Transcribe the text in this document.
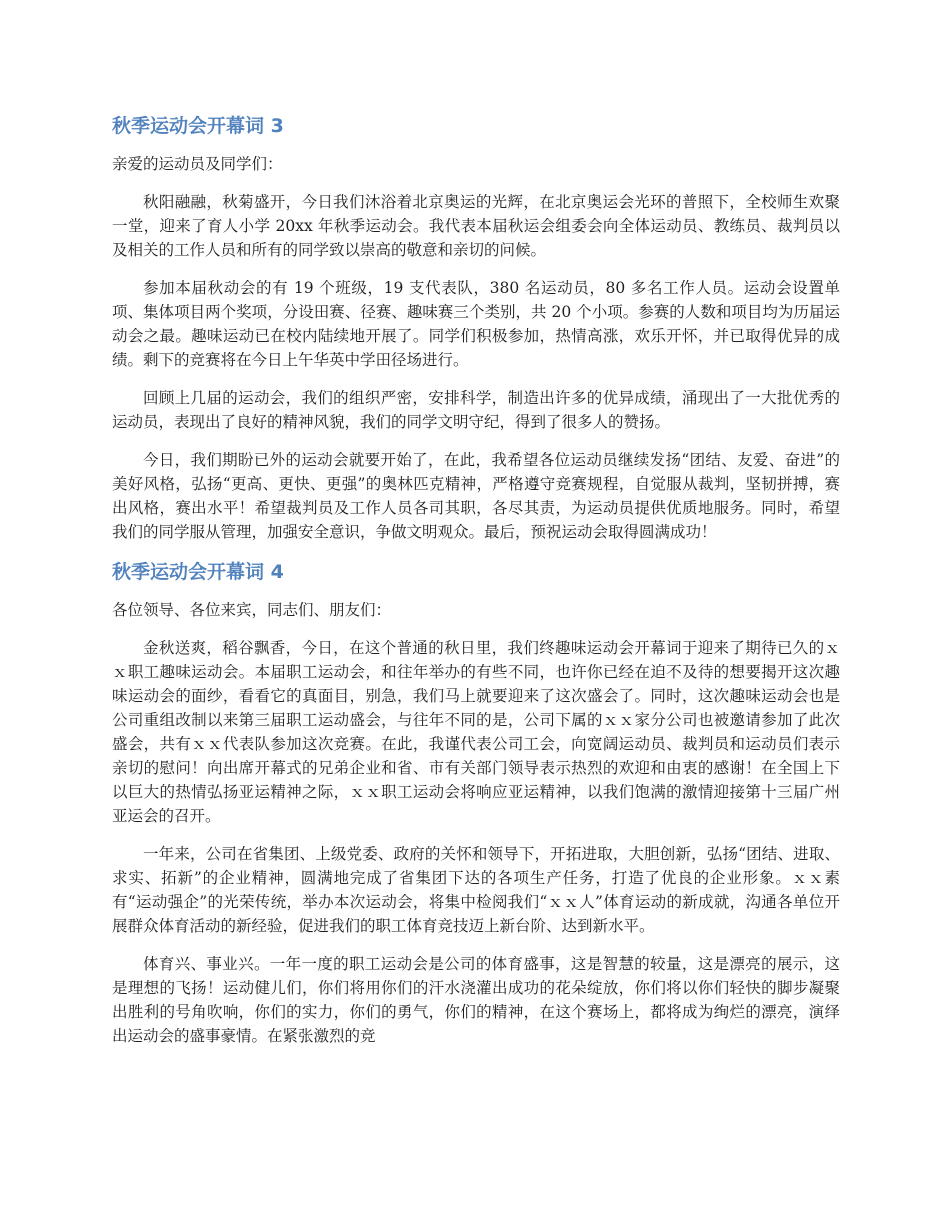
秋季运动会开幕词 3

亲爱的运动员及同学们：

秋阳融融，秋菊盛开，今日我们沐浴着北京奥运的光辉，在北京奥运会光环的普照下，全校师生欢聚一堂，迎来了育人小学 20xx 年秋季运动会。我代表本届秋运会组委会向全体运动员、教练员、裁判员以及相关的工作人员和所有的同学致以崇高的敬意和亲切的问候。

参加本届秋动会的有 19 个班级，19 支代表队，380 名运动员，80 多名工作人员。运动会设置单项、集体项目两个奖项，分设田赛、径赛、趣味赛三个类别，共 20 个小项。参赛的人数和项目均为历届运动会之最。趣味运动已在校内陆续地开展了。同学们积极参加，热情高涨，欢乐开怀，并已取得优异的成绩。剩下的竞赛将在今日上午华英中学田径场进行。

回顾上几届的运动会，我们的组织严密，安排科学，制造出许多的优异成绩，涌现出了一大批优秀的运动员，表现出了良好的精神风貌，我们的同学文明守纪，得到了很多人的赞扬。

今日，我们期盼已外的运动会就要开始了，在此，我希望各位运动员继续发扬“团结、友爱、奋进”的美好风格，弘扬“更高、更快、更强”的奥林匹克精神，严格遵守竞赛规程，自觉服从裁判，坚韧拼搏，赛出风格，赛出水平！希望裁判员及工作人员各司其职，各尽其责，为运动员提供优质地服务。同时，希望我们的同学服从管理，加强安全意识，争做文明观众。最后，预祝运动会取得圆满成功！

秋季运动会开幕词 4

各位领导、各位来宾，同志们、朋友们：

金秋送爽，稻谷飘香，今日，在这个普通的秋日里，我们终趣味运动会开幕词于迎来了期待已久的ｘｘ职工趣味运动会。本届职工运动会，和往年举办的有些不同，也许你已经在迫不及待的想要揭开这次趣味运动会的面纱，看看它的真面目，别急，我们马上就要迎来了这次盛会了。同时，这次趣味运动会也是公司重组改制以来第三届职工运动盛会，与往年不同的是，公司下属的ｘｘ家分公司也被邀请参加了此次盛会，共有ｘｘ代表队参加这次竞赛。在此，我谨代表公司工会，向宽阔运动员、裁判员和运动员们表示亲切的慰问！向出席开幕式的兄弟企业和省、市有关部门领导表示热烈的欢迎和由衷的感谢！在全国上下以巨大的热情弘扬亚运精神之际，ｘｘ职工运动会将响应亚运精神，以我们饱满的激情迎接第十三届广州亚运会的召开。

一年来，公司在省集团、上级党委、政府的关怀和领导下，开拓进取，大胆创新，弘扬“团结、进取、求实、拓新”的企业精神，圆满地完成了省集团下达的各项生产任务，打造了优良的企业形象。ｘｘ素有“运动强企”的光荣传统，举办本次运动会，将集中检阅我们“ｘｘ人”体育运动的新成就，沟通各单位开展群众体育活动的新经验，促进我们的职工体育竞技迈上新台阶、达到新水平。

体育兴、事业兴。一年一度的职工运动会是公司的体育盛事，这是智慧的较量，这是漂亮的展示，这是理想的飞扬！运动健儿们，你们将用你们的汗水浇灌出成功的花朵绽放，你们将以你们轻快的脚步凝聚出胜利的号角吹响，你们的实力，你们的勇气，你们的精神，在这个赛场上，都将成为绚烂的漂亮，演绎出运动会的盛事豪情。在紧张激烈的竞
